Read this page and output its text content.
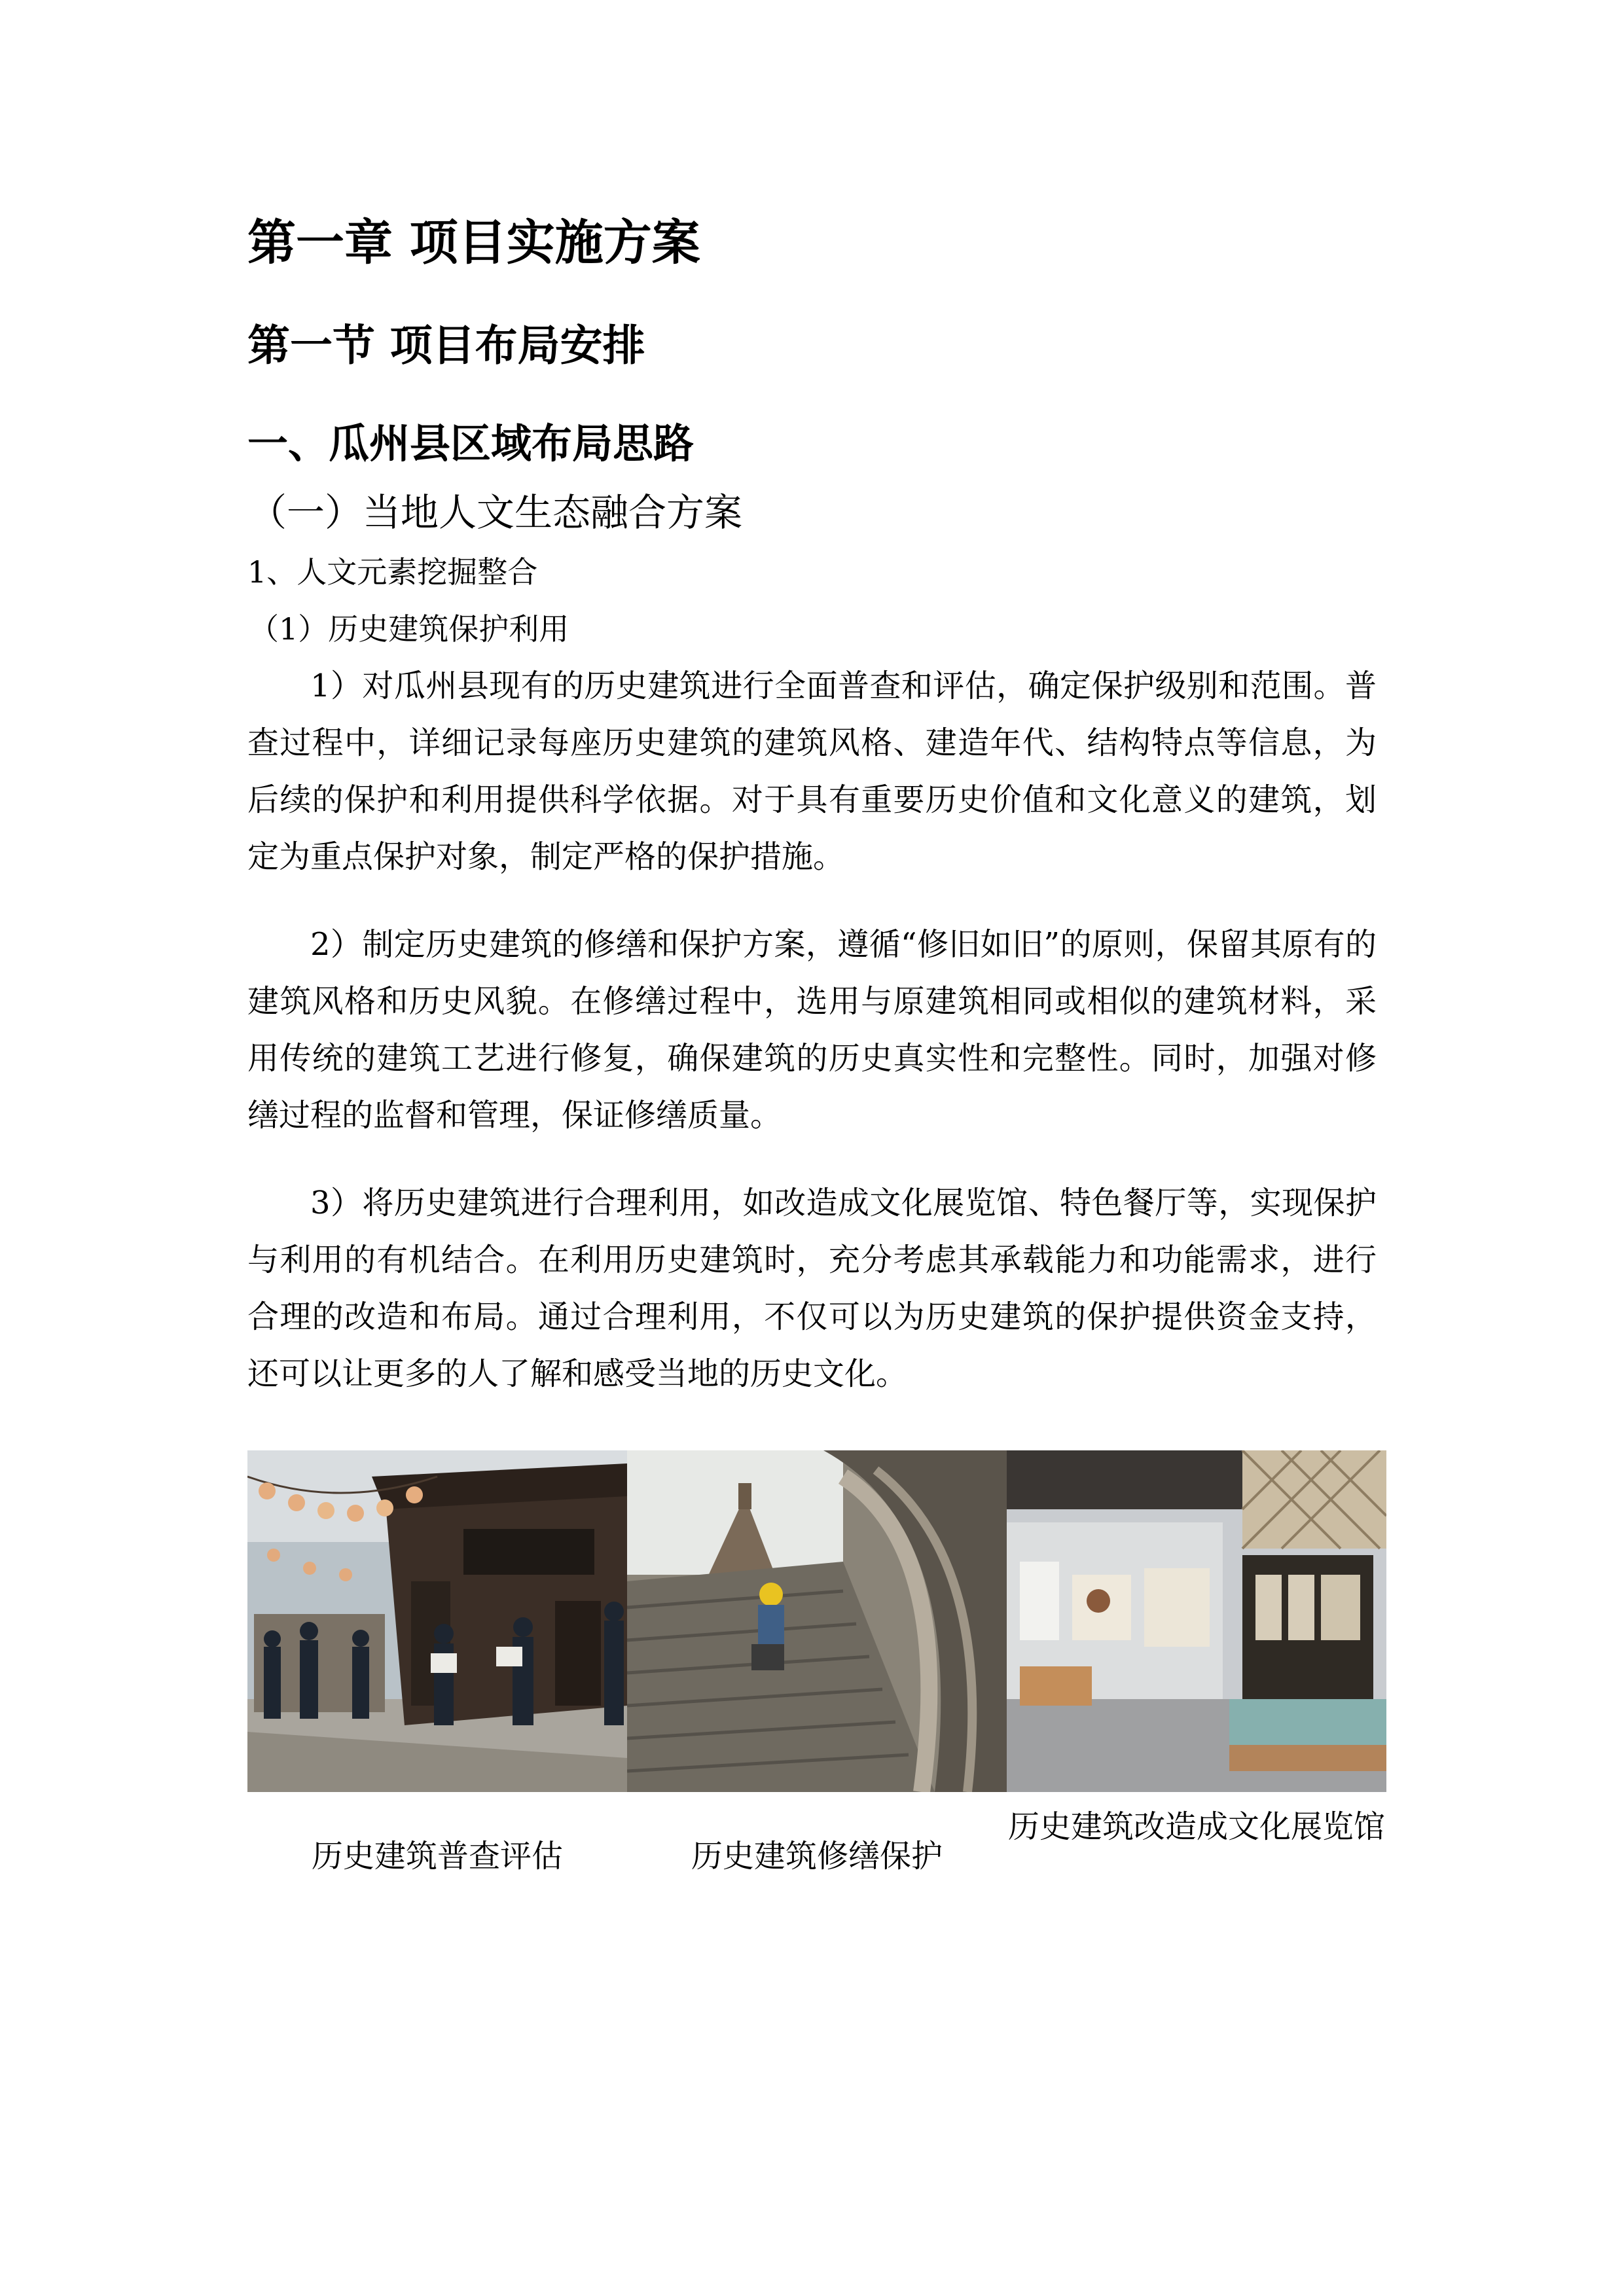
第一章 项目实施方案
第一节 项目布局安排
一、瓜州县区域布局思路
（一）当地人文生态融合方案
1、人文元素挖掘整合
（1）历史建筑保护利用

1）对瓜州县现有的历史建筑进行全面普查和评估，确定保护级别和范围。普查过程中，详细记录每座历史建筑的建筑风格、建造年代、结构特点等信息，为后续的保护和利用提供科学依据。对于具有重要历史价值和文化意义的建筑，划定为重点保护对象，制定严格的保护措施。

2）制定历史建筑的修缮和保护方案，遵循“修旧如旧”的原则，保留其原有的建筑风格和历史风貌。在修缮过程中，选用与原建筑相同或相似的建筑材料，采用传统的建筑工艺进行修复，确保建筑的历史真实性和完整性。同时，加强对修缮过程的监督和管理，保证修缮质量。

3）将历史建筑进行合理利用，如改造成文化展览馆、特色餐厅等，实现保护与利用的有机结合。在利用历史建筑时，充分考虑其承载能力和功能需求，进行合理的改造和布局。通过合理利用，不仅可以为历史建筑的保护提供资金支持，还可以让更多的人了解和感受当地的历史文化。

历史建筑普查评估	历史建筑修缮保护

历史建筑改造成文化展览馆
